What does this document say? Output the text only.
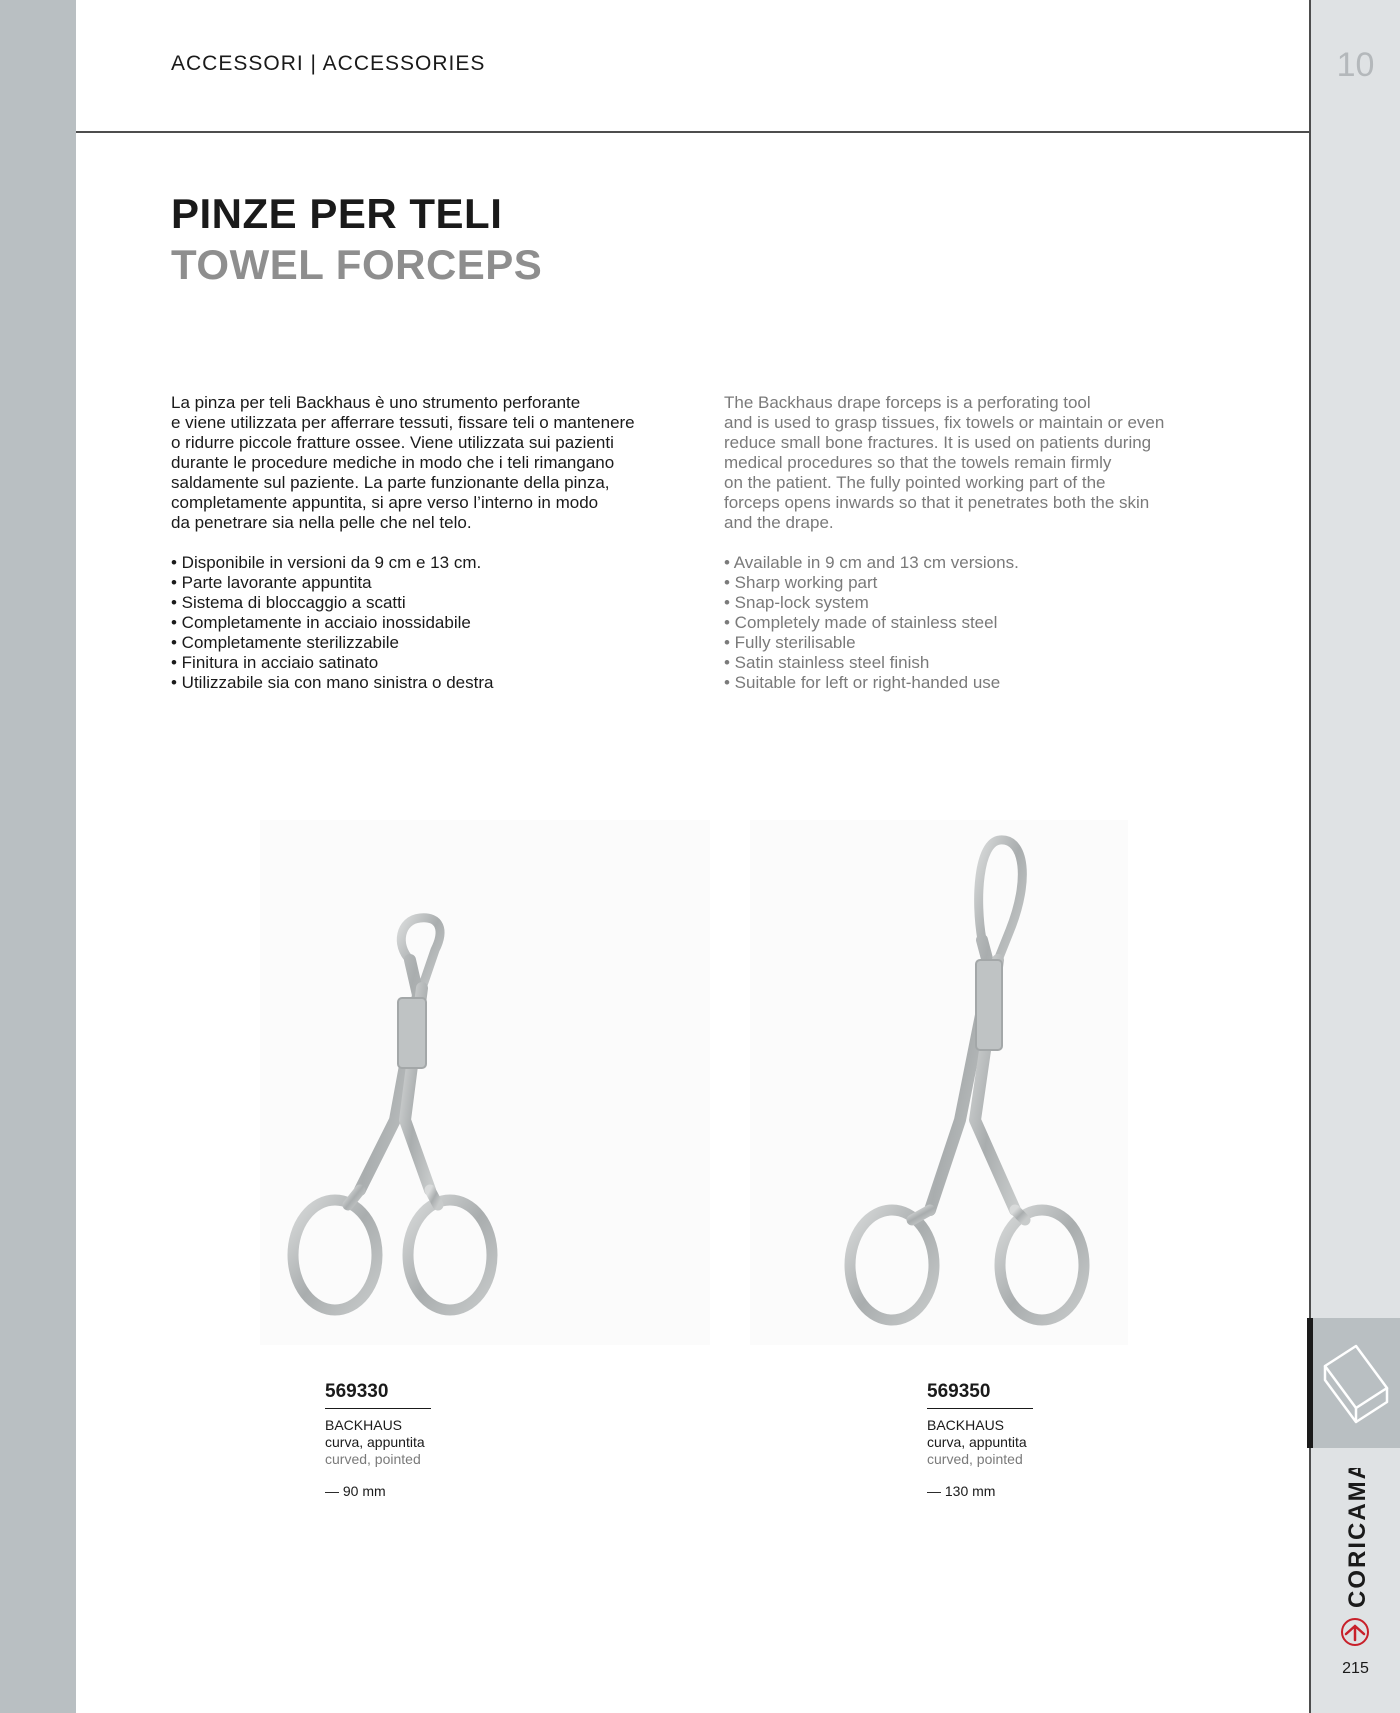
ACCESSORI | ACCESSORIES	10
PINZE PER TELI
TOWEL FORCEPS

La pinza per teli Backhaus è uno strumento perforante
e viene utilizzata per afferrare tessuti, fissare teli o mantenere
o ridurre piccole fratture ossee. Viene utilizzata sui pazienti
durante le procedure mediche in modo che i teli rimangano
saldamente sul paziente. La parte funzionante della pinza,
completamente appuntita, si apre verso l’interno in modo
da penetrare sia nella pelle che nel telo.

• Disponibile in versioni da 9 cm e 13 cm.
• Parte lavorante appuntita
• Sistema di bloccaggio a scatti
• Completamente in acciaio inossidabile
• Completamente sterilizzabile
• Finitura in acciaio satinato
• Utilizzabile sia con mano sinistra o destra

The Backhaus drape forceps is a perforating tool
and is used to grasp tissues, fix towels or maintain or even
reduce small bone fractures. It is used on patients during
medical procedures so that the towels remain firmly
on the patient. The fully pointed working part of the
forceps opens inwards so that it penetrates both the skin
and the drape.

• Available in 9 cm and 13 cm versions.
• Sharp working part
• Snap-lock system
• Completely made of stainless steel
• Fully sterilisable
• Satin stainless steel finish
• Suitable for left or right-handed use
569330
BACKHAUS
curva, appuntita
curved, pointed
— 90 mm
569350
BACKHAUS
curva, appuntita
curved, pointed
— 130 mm	CORICAMA
215
